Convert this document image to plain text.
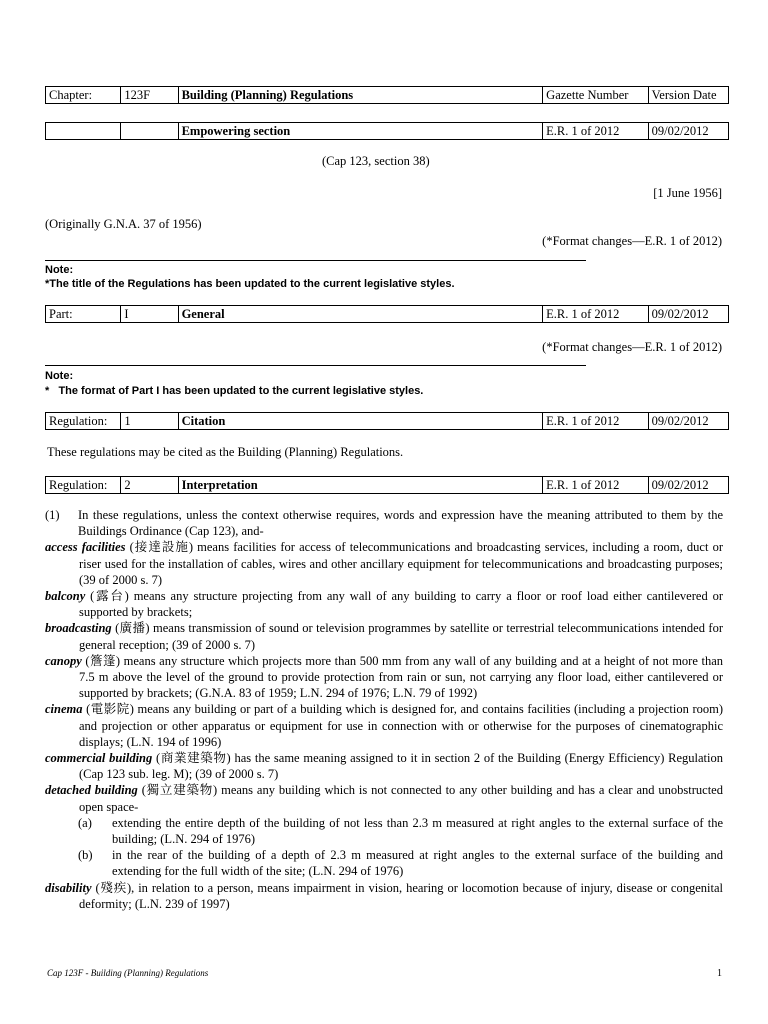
Chapter:	123F	Building (Planning) Regulations	Gazette Number	Version Date
		Empowering section	E.R. 1 of 2012	09/02/2012
(Cap 123, section 38)
[1 June 1956]
(Originally G.N.A. 37 of 1956)
(*Format changes—E.R. 1 of 2012)
Note:
*The title of the Regulations has been updated to the current legislative styles.
Part:	I	General	E.R. 1 of 2012	09/02/2012
(*Format changes—E.R. 1 of 2012)
Note:
*   The format of Part I has been updated to the current legislative styles.
Regulation:	1	Citation	E.R. 1 of 2012	09/02/2012
These regulations may be cited as the Building (Planning) Regulations.
Regulation:	2	Interpretation	E.R. 1 of 2012	09/02/2012

(1) In these regulations, unless the context otherwise requires, words and expression have the meaning attributed to them by the Buildings Ordinance (Cap 123), and-

access facilities (接達設施) means facilities for access of telecommunications and broadcasting services, including a room, duct or riser used for the installation of cables, wires and other ancillary equipment for telecommunications and broadcasting purposes; (39 of 2000 s. 7)

balcony (露台) means any structure projecting from any wall of any building to carry a floor or roof load either cantilevered or supported by brackets;

broadcasting (廣播) means transmission of sound or television programmes by satellite or terrestrial telecommunications intended for general reception; (39 of 2000 s. 7)

canopy (簷篷) means any structure which projects more than 500 mm from any wall of any building and at a height of not more than 7.5 m above the level of the ground to provide protection from rain or sun, not carrying any floor load, either cantilevered or supported by brackets; (G.N.A. 83 of 1959; L.N. 294 of 1976; L.N. 79 of 1992)

cinema (電影院) means any building or part of a building which is designed for, and contains facilities (including a projection room) and projection or other apparatus or equipment for use in connection with or otherwise for the purposes of cinematographic displays; (L.N. 194 of 1996)

commercial building (商業建築物) has the same meaning assigned to it in section 2 of the Building (Energy Efficiency) Regulation (Cap 123 sub. leg. M); (39 of 2000 s. 7)

detached building (獨立建築物) means any building which is not connected to any other building and has a clear and unobstructed open space-

(a) extending the entire depth of the building of not less than 2.3 m measured at right angles to the external surface of the building; (L.N. 294 of 1976)

(b) in the rear of the building of a depth of 2.3 m measured at right angles to the external surface of the building and extending for the full width of the site; (L.N. 294 of 1976)

disability (殘疾), in relation to a person, means impairment in vision, hearing or locomotion because of injury, disease or congenital deformity; (L.N. 239 of 1997)

Cap 123F - Building (Planning) Regulations	1
